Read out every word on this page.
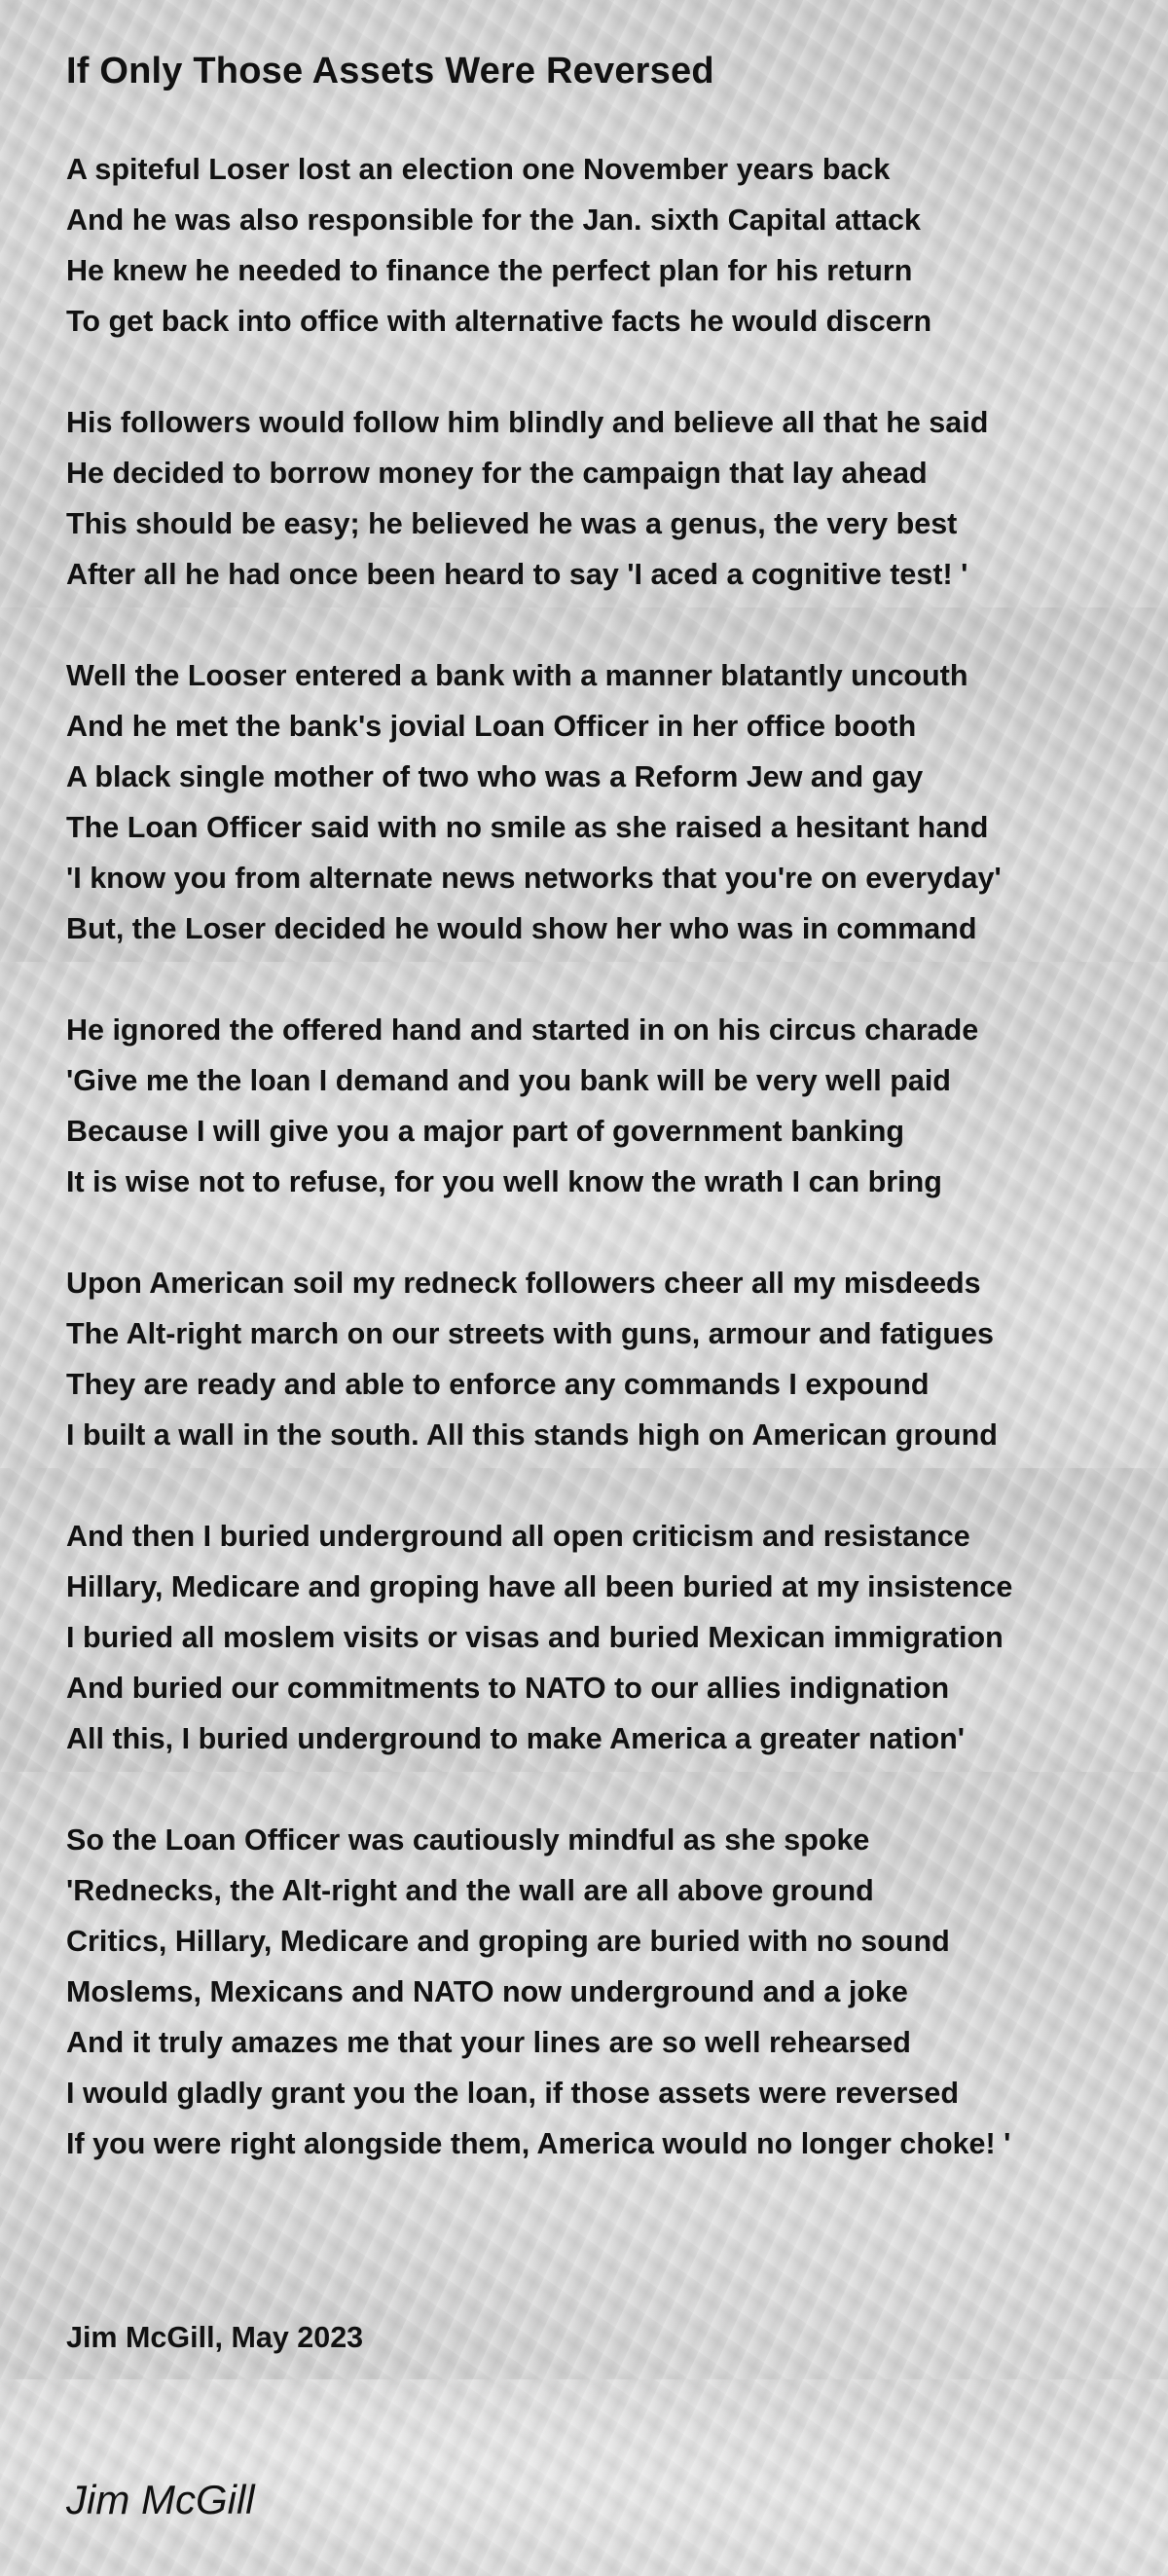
If Only Those Assets Were Reversed
A spiteful Loser lost an election one November years back
And he was also responsible for the Jan. sixth Capital attack
He knew he needed to finance the perfect plan for his return
To get back into office with alternative facts he would discern
His followers would follow him blindly and believe all that he said
He decided to borrow money for the campaign that lay ahead
This should be easy; he believed he was a genus, the very best
After all he had once been heard to say 'I aced a cognitive test! '
Well the Looser entered a bank with a manner blatantly uncouth
And he met the bank's jovial Loan Officer in her office booth
A black single mother of two who was a Reform Jew and gay
The Loan Officer said with no smile as she raised a hesitant hand
'I know you from alternate news networks that you're on everyday'
But, the Loser decided he would show her who was in command
He ignored the offered hand and started in on his circus charade
'Give me the loan I demand and you bank will be very well paid
Because I will give you a major part of government banking
It is wise not to refuse, for you well know the wrath I can bring
Upon American soil my redneck followers cheer all my misdeeds
The Alt-right march on our streets with guns, armour and fatigues
They are ready and able to enforce any commands I expound
I built a wall in the south. All this stands high on American ground
And then I buried underground all open criticism and resistance
Hillary, Medicare and groping have all been buried at my insistence
I buried all moslem visits or visas and buried Mexican immigration
And buried our commitments to NATO to our allies indignation
All this, I buried underground to make America a greater nation'
So the Loan Officer was cautiously mindful as she spoke
'Rednecks, the Alt-right and the wall are all above ground
Critics, Hillary, Medicare and groping are buried with no sound
Moslems, Mexicans and NATO now underground and a joke
And it truly amazes me that your lines are so well rehearsed
I would gladly grant you the loan, if those assets were reversed
If you were right alongside them, America would no longer choke! '
Jim McGill, May 2023
Jim McGill
